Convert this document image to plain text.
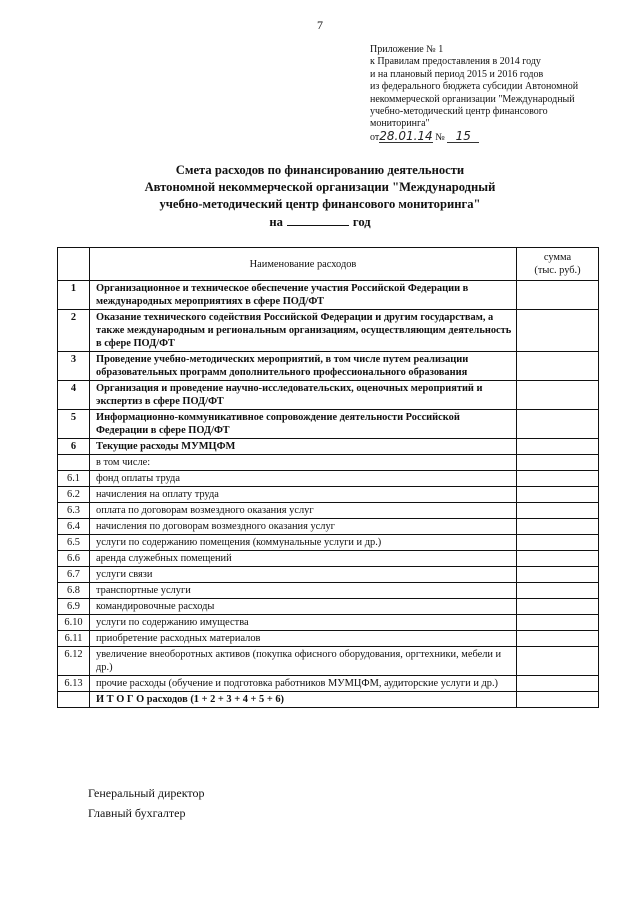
7
Приложение № 1
к Правилам предоставления в 2014 году
и на плановый период 2015 и 2016 годов
из федерального бюджета субсидии Автономной
некоммерческой организации "Международный
учебно-методический центр финансового
мониторинга"
от28.01.14 № 15
Смета расходов по финансированию деятельности
Автономной некоммерческой организации "Международный
учебно-методический центр финансового мониторинга"
на	год
	Наименование расходов	сумма
(тыс. руб.)

1	Организационное и техническое обеспечение участия Российской Федерации в международных мероприятиях в сфере ПОД/ФТ	
2	Оказание технического содействия Российской Федерации и другим государствам, а также международным и региональным организациям, осуществляющим деятельность в сфере ПОД/ФТ	
3	Проведение учебно-методических мероприятий, в том числе путем реализации образовательных программ дополнительного профессионального образования	
4	Организация и проведение научно-исследовательских, оценочных мероприятий и экспертиз в сфере ПОД/ФТ	
5	Информационно-коммуникативное сопровождение деятельности Российской Федерации в сфере ПОД/ФТ	
6	Текущие расходы МУМЦФМ	
	в том числе:	
6.1	фонд оплаты труда	
6.2	начисления на оплату труда	
6.3	оплата по договорам возмездного оказания услуг	
6.4	начисления по договорам возмездного оказания услуг	
6.5	услуги по содержанию помещения (коммунальные услуги и др.)	
6.6	аренда служебных помещений	
6.7	услуги связи	
6.8	транспортные услуги	
6.9	командировочные расходы	
6.10	услуги по содержанию имущества	
6.11	приобретение расходных материалов	
6.12	увеличение внеоборотных активов (покупка офисного оборудования, оргтехники, мебели и др.)	
6.13	прочие расходы (обучение и подготовка работников МУМЦФМ, аудиторские услуги и др.)	
	И Т О Г О расходов (1 + 2 + 3 + 4 + 5 + 6)	
Генеральный директор
Главный бухгалтер
